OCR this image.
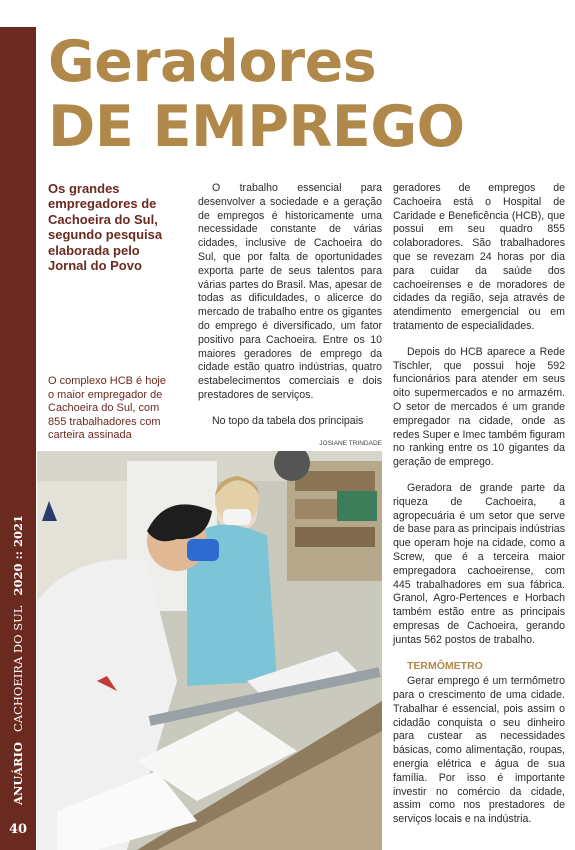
ANUÁRIO
CACHOEIRA DO SUL
2020 :: 2021
40
Geradores
DE EMPREGO
Os grandes empregadores de Cachoeira do Sul, segundo pesquisa elaborada pelo Jornal do Povo
O complexo HCB é hoje o maior empregador de Cachoeira do Sul, com 855 trabalhadores com carteira assinada

O trabalho essencial para desenvolver a sociedade e a geração de empregos é historicamente uma necessidade constante de várias cidades, inclusive de Cachoeira do Sul, que por falta de oportunidades exporta parte de seus talentos para várias partes do Brasil. Mas, apesar de todas as dificuldades, o alicerce do mercado de trabalho entre os gigantes do emprego é diversificado, um fator positivo para Cachoeira. Entre os 10 maiores geradores de emprego da cidade estão quatro indústrias, quatro estabelecimentos comerciais e dois prestadores de serviços.

No topo da tabela dos principais

JOSIANE TRINDADE

geradores de empregos de Cachoeira está o Hospital de Caridade e Beneficência (HCB), que possui em seu quadro 855 colaboradores. São trabalhadores que se revezam 24 horas por dia para cuidar da saúde dos cachoeirenses e de moradores de cidades da região, seja através de atendimento emergencial ou em tratamento de especialidades.

Depois do HCB aparece a Rede Tischler, que possui hoje 592 funcionários para atender em seus oito supermercados e no armazém. O setor de mercados é um grande empregador na cidade, onde as redes Super e Imec também figuram no ranking entre os 10 gigantes da geração de emprego.

Geradora de grande parte da riqueza de Cachoeira, a agropecuária é um setor que serve de base para as principais indústrias que operam hoje na cidade, como a Screw, que é a terceira maior empregadora cachoeirense, com 445 trabalhadores em sua fábrica. Granol, Agro-Pertences e Horbach também estão entre as principais empresas de Cachoeira, gerando juntas 562 postos de trabalho.

TERMÔMETRO

Gerar emprego é um termômetro para o crescimento de uma cidade. Trabalhar é essencial, pois assim o cidadão conquista o seu dinheiro para custear as necessidades básicas, como alimentação, roupas, energia elétrica e água de sua família. Por isso é importante investir no comércio da cidade, assim como nos prestadores de serviços locais e na indústria.
